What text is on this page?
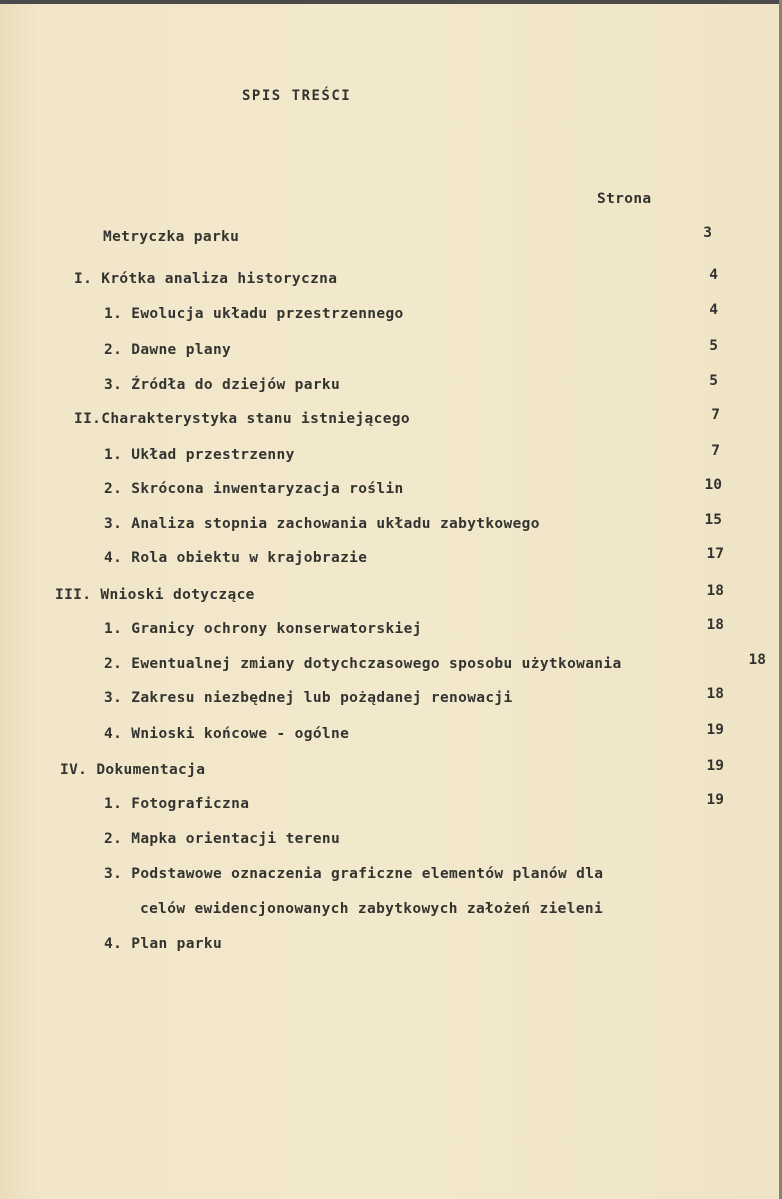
SPIS TREŚCI
Strona
Metryczka parku	3
I. Krótka analiza historyczna	4
1. Ewolucja układu przestrzennego	4
2. Dawne plany	5
3. Źródła do dziejów parku	5
II.Charakterystyka stanu istniejącego	7
1. Układ przestrzenny	7
2. Skrócona inwentaryzacja roślin	10
3. Analiza stopnia zachowania układu zabytkowego	15
4. Rola obiektu w krajobrazie	17
III. Wnioski dotyczące	18
1. Granicy ochrony konserwatorskiej	18
2. Ewentualnej zmiany dotychczasowego sposobu użytkowania	18
3. Zakresu niezbędnej lub pożądanej renowacji	18
4. Wnioski końcowe - ogólne	19
IV. Dokumentacja	19
1. Fotograficzna	19
2. Mapka orientacji terenu
3. Podstawowe oznaczenia graficzne elementów planów dla
celów ewidencjonowanych zabytkowych założeń zieleni
4. Plan parku
